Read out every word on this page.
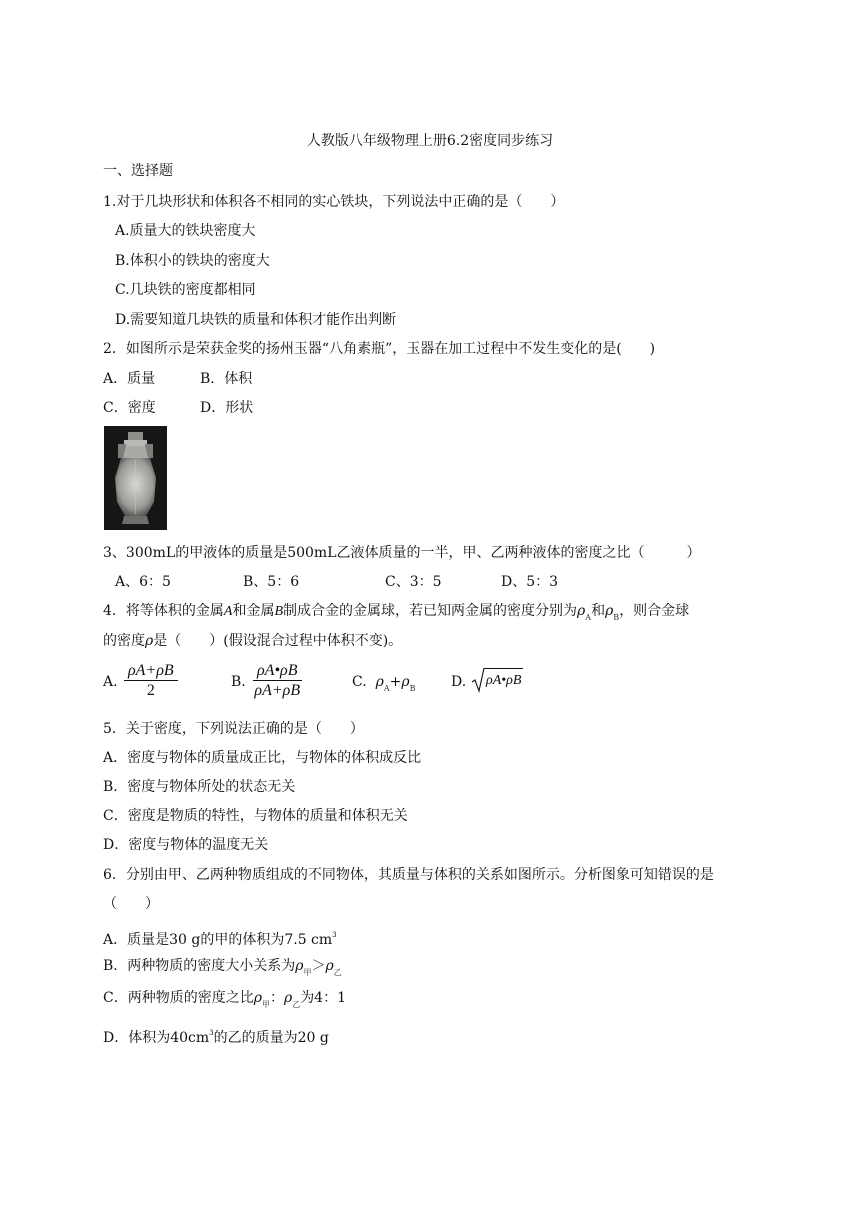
人教版八年级物理上册6.2密度同步练习
一、选择题
1.对于几块形状和体积各不相同的实心铁块，下列说法中正确的是（　　）
A.质量大的铁块密度大
B.体积小的铁块的密度大
C.几块铁的密度都相同
D.需要知道几块铁的质量和体积才能作出判断
2．如图所示是荣获金奖的扬州玉器“八角素瓶”，玉器在加工过程中不发生变化的是(　　)
A．质量	B．体积
C．密度	D．形状
3、300mL的甲液体的质量是500mL乙液体质量的一半，甲、乙两种液体的密度之比（　　　）
A、6：5	B、5：6	C、3：5	D、5：3
4．将等体积的金属A和金属B制成合金的金属球，若已知两金属的密度分别为$\rho_A$和$\rho_B$，则合金球
的密度ρ是（　　）(假设混合过程中体积不变)。
A. $\frac{\rho A+\rho B}{2}$	B. $\frac{\rho A•\rho B}{\rho A+\rho B}$	C. $\rho_A+\rho_B$	D. ρA•ρB
5．关于密度，下列说法正确的是（　　）
A．密度与物体的质量成正比，与物体的体积成反比
B．密度与物体所处的状态无关
C．密度是物质的特性，与物体的质量和体积无关
D．密度与物体的温度无关
6．分别由甲、乙两种物质组成的不同物体，其质量与体积的关系如图所示。分析图象可知错误的是
（　　）
A．质量是30 g的甲的体积为7.5 $cm^3$
B．两种物质的密度大小关系为$\rho_甲>\rho_乙$
C．两种物质的密度之比$\rho_甲$：$\rho_乙$为4：1
D．体积为$40cm^3$的乙的质量为20 g
